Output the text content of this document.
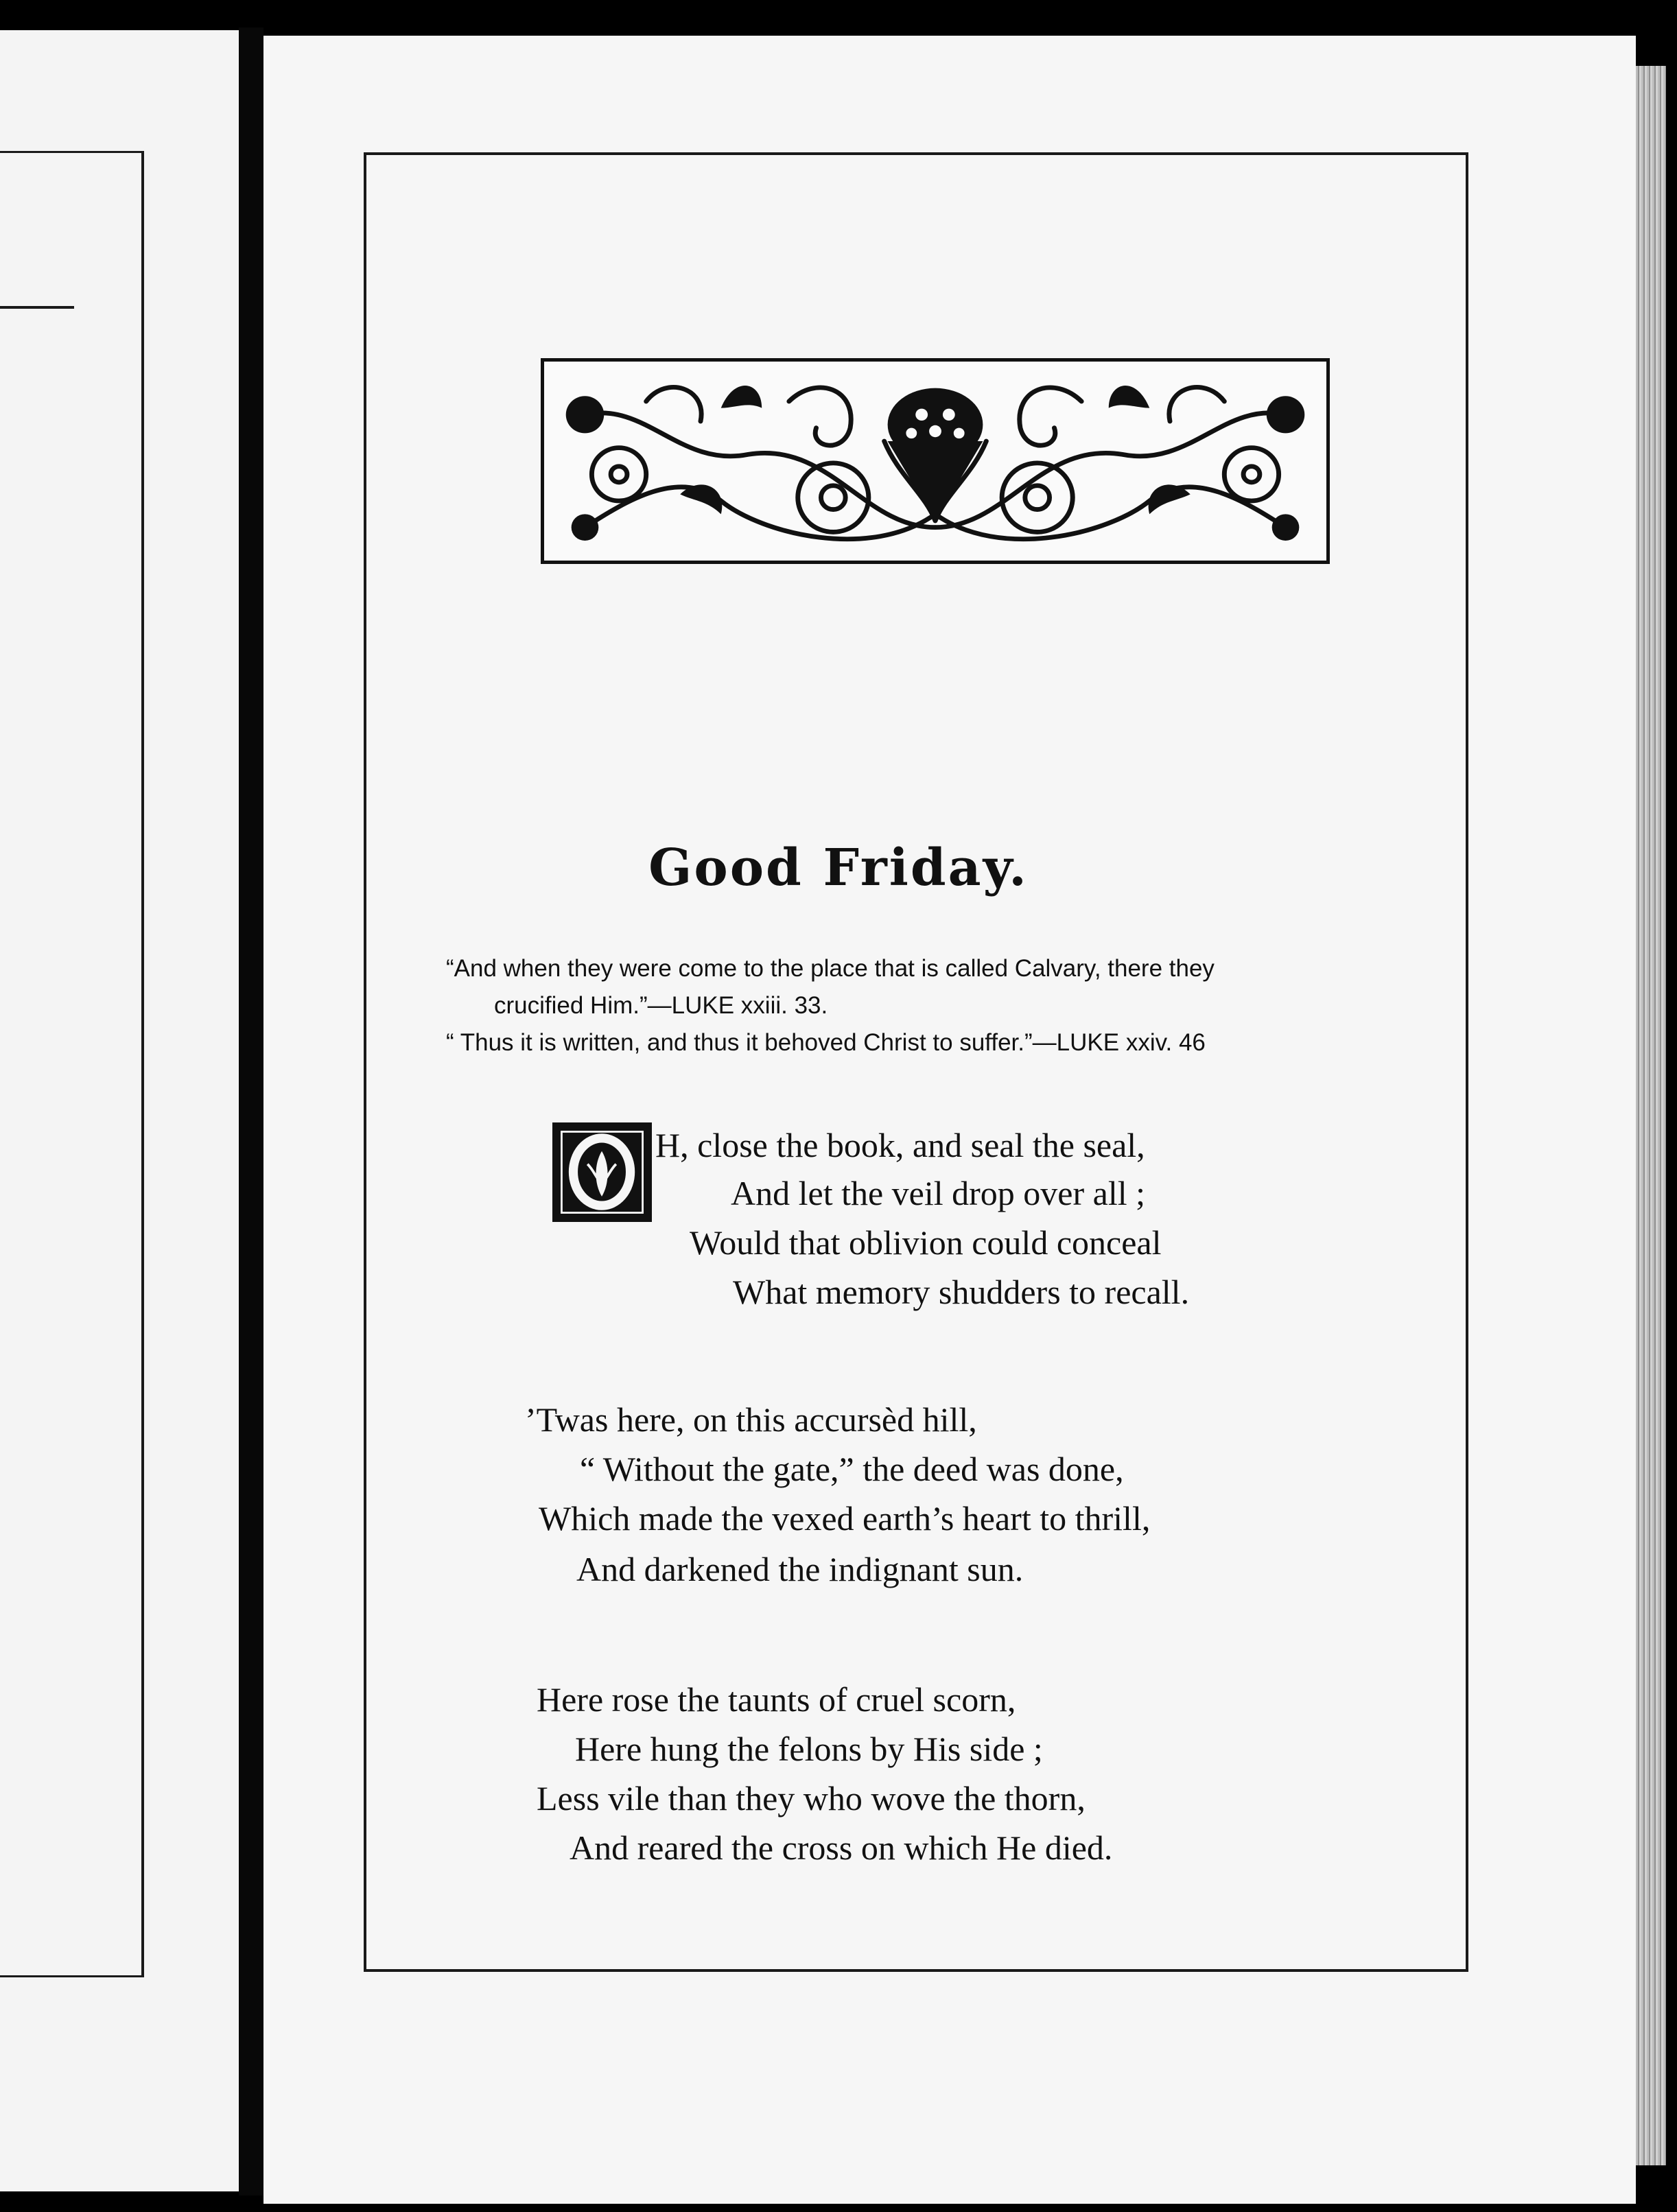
Good Friday.
“And when they were come to the place that is called Calvary, there they
crucified Him.”—LUKE xxiii. 33.
“ Thus it is written, and thus it behoved Christ to suffer.”—LUKE xxiv. 46
H, close the book, and seal the seal,
And let the veil drop over all ;
Would that oblivion could conceal
What memory shudders to recall.
’Twas here, on this accursèd hill,
“ Without the gate,” the deed was done,
Which made the vexed earth’s heart to thrill,
And darkened the indignant sun.
Here rose the taunts of cruel scorn,
Here hung the felons by His side ;
Less vile than they who wove the thorn,
And reared the cross on which He died.
